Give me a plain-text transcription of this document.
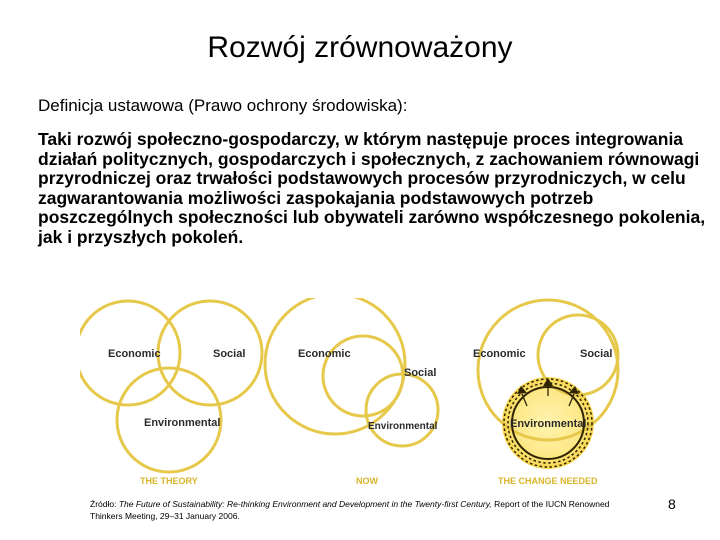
Rozwój zrównoważony
Definicja ustawowa (Prawo ochrony środowiska):
Taki rozwój społeczno-gospodarczy, w którym następuje proces integrowania działań politycznych, gospodarczych i społecznych, z zachowaniem równowagi przyrodniczej oraz trwałości podstawowych procesów przyrodniczych, w celu zagwarantowania możliwości zaspokajania podstawowych potrzeb poszczególnych społeczności lub obywateli zarówno współczesnego pokolenia, jak i przyszłych pokoleń.
Economic	Social
Environmental
THE THEORY
Economic
Social
Environmental
NOW
Economic	Social
Environmental
THE CHANGE NEEDED
Źródło: The Future of Sustainability: Re-thinking Environment and Development in the Twenty-first Century, Report of the IUCN Renowned Thinkers Meeting, 29–31 January 2006.
8
